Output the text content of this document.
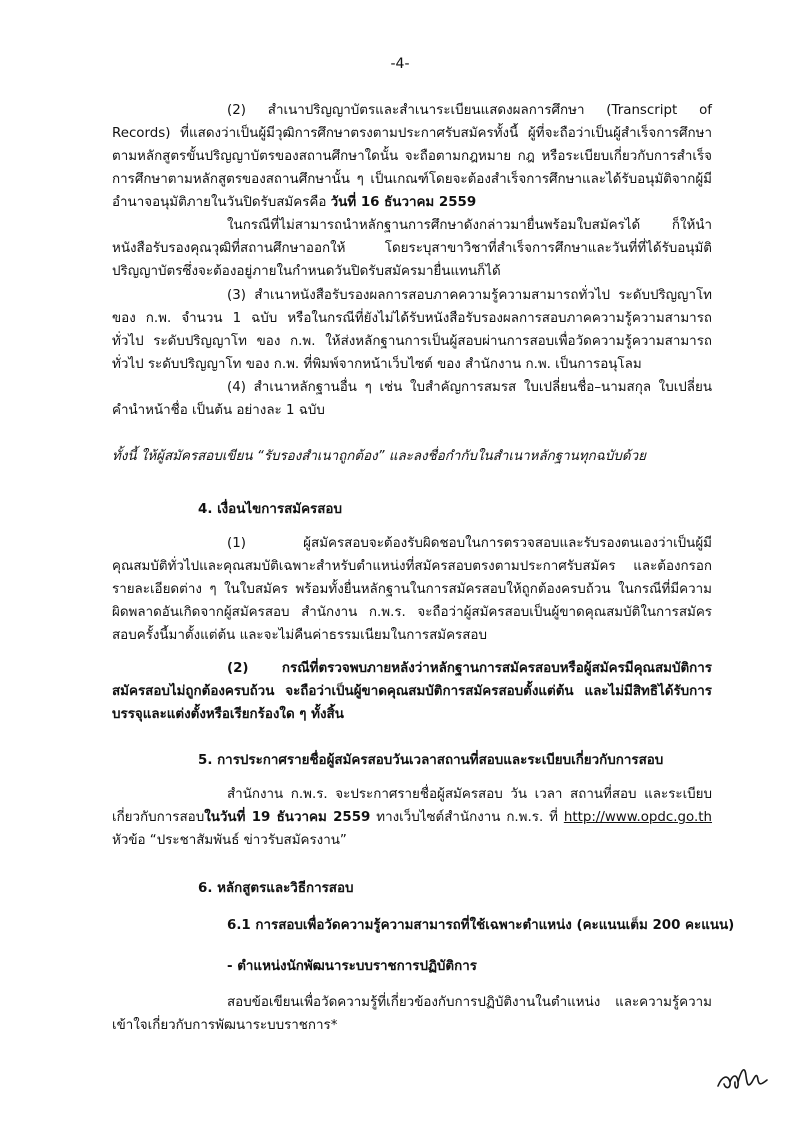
-4-

(2) สำเนาปริญญาบัตรและสำเนาระเบียนแสดงผลการศึกษา (Transcript of Records) ที่แสดงว่าเป็นผู้มีวุฒิการศึกษาตรงตามประกาศรับสมัครทั้งนี้ ผู้ที่จะถือว่าเป็นผู้สำเร็จการศึกษาตามหลักสูตรขั้นปริญญาบัตรของสถานศึกษาใดนั้น จะถือตามกฎหมาย กฎ หรือระเบียบเกี่ยวกับการสำเร็จการศึกษาตามหลักสูตรของสถานศึกษานั้น ๆ เป็นเกณฑ์โดยจะต้องสำเร็จการศึกษาและได้รับอนุมัติจากผู้มีอำนาจอนุมัติภายในวันปิดรับสมัครคือ วันที่ 16 ธันวาคม 2559

ในกรณีที่ไม่สามารถนำหลักฐานการศึกษาดังกล่าวมายื่นพร้อมใบสมัครได้ ก็ให้นำหนังสือรับรองคุณวุฒิที่สถานศึกษาออกให้ โดยระบุสาขาวิชาที่สำเร็จการศึกษาและวันที่ที่ได้รับอนุมัติปริญญาบัตรซึ่งจะต้องอยู่ภายในกำหนดวันปิดรับสมัครมายื่นแทนก็ได้

(3) สำเนาหนังสือรับรองผลการสอบภาคความรู้ความสามารถทั่วไป ระดับปริญญาโท ของ ก.พ. จำนวน 1 ฉบับ หรือในกรณีที่ยังไม่ได้รับหนังสือรับรองผลการสอบภาคความรู้ความสามารถทั่วไป ระดับปริญญาโท ของ ก.พ. ให้ส่งหลักฐานการเป็นผู้สอบผ่านการสอบเพื่อวัดความรู้ความสามารถทั่วไป ระดับปริญญาโท ของ ก.พ. ที่พิมพ์จากหน้าเว็บไซต์ ของ สำนักงาน ก.พ. เป็นการอนุโลม

(4) สำเนาหลักฐานอื่น ๆ เช่น ใบสำคัญการสมรส ใบเปลี่ยนชื่อ–นามสกุล ใบเปลี่ยนคำนำหน้าชื่อ เป็นต้น อย่างละ 1 ฉบับ

ทั้งนี้ ให้ผู้สมัครสอบเขียน “รับรองสำเนาถูกต้อง” และลงชื่อกำกับในสำเนาหลักฐานทุกฉบับด้วย

4. เงื่อนไขการสมัครสอบ

(1) ผู้สมัครสอบจะต้องรับผิดชอบในการตรวจสอบและรับรองตนเองว่าเป็นผู้มีคุณสมบัติทั่วไปและคุณสมบัติเฉพาะสำหรับตำแหน่งที่สมัครสอบตรงตามประกาศรับสมัคร และต้องกรอกรายละเอียดต่าง ๆ ในใบสมัคร พร้อมทั้งยื่นหลักฐานในการสมัครสอบให้ถูกต้องครบถ้วน ในกรณีที่มีความผิดพลาดอันเกิดจากผู้สมัครสอบ สำนักงาน ก.พ.ร. จะถือว่าผู้สมัครสอบเป็นผู้ขาดคุณสมบัติในการสมัครสอบครั้งนี้มาตั้งแต่ต้น และจะไม่คืนค่าธรรมเนียมในการสมัครสอบ

(2) กรณีที่ตรวจพบภายหลังว่าหลักฐานการสมัครสอบหรือผู้สมัครมีคุณสมบัติการสมัครสอบไม่ถูกต้องครบถ้วน จะถือว่าเป็นผู้ขาดคุณสมบัติการสมัครสอบตั้งแต่ต้น และไม่มีสิทธิได้รับการบรรจุและแต่งตั้งหรือเรียกร้องใด ๆ ทั้งสิ้น

5. การประกาศรายชื่อผู้สมัครสอบวันเวลาสถานที่สอบและระเบียบเกี่ยวกับการสอบ

สำนักงาน ก.พ.ร. จะประกาศรายชื่อผู้สมัครสอบ วัน เวลา สถานที่สอบ และระเบียบเกี่ยวกับการสอบในวันที่ 19 ธันวาคม 2559 ทางเว็บไซต์สำนักงาน ก.พ.ร. ที่ http://www.opdc.go.th หัวข้อ “ประชาสัมพันธ์ ข่าวรับสมัครงาน”

6. หลักสูตรและวิธีการสอบ

6.1 การสอบเพื่อวัดความรู้ความสามารถที่ใช้เฉพาะตำแหน่ง (คะแนนเต็ม 200 คะแนน)

- ตำแหน่งนักพัฒนาระบบราชการปฏิบัติการ

สอบข้อเขียนเพื่อวัดความรู้ที่เกี่ยวข้องกับการปฏิบัติงานในตำแหน่ง และความรู้ความเข้าใจเกี่ยวกับการพัฒนาระบบราชการ*
